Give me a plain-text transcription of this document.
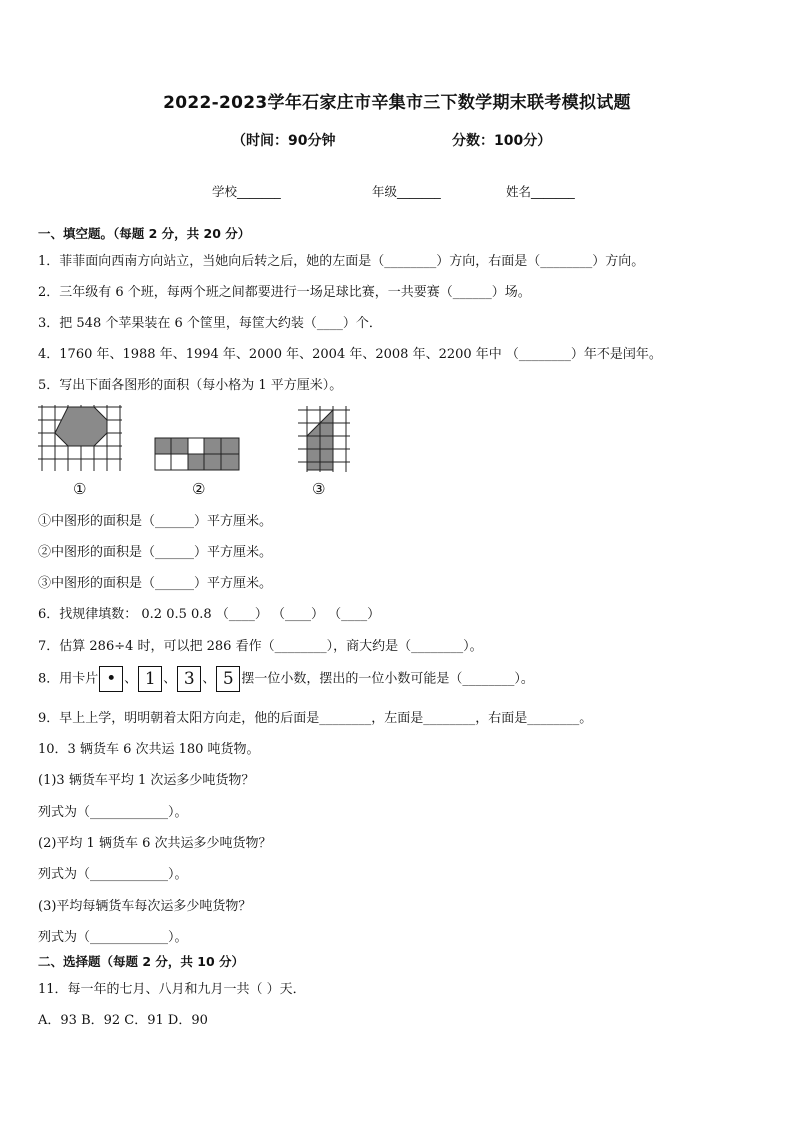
2022-2023学年石家庄市辛集市三下数学期末联考模拟试题
（时间：90分钟	分数：100分）
学校_______	年级_______	姓名_______
一、填空题。（每题 2 分，共 20 分）
1．菲菲面向西南方向站立，当她向后转之后，她的左面是（________）方向，右面是（________）方向。
2．三年级有 6 个班，每两个班之间都要进行一场足球比赛，一共要赛（______）场。
3．把 548 个苹果装在 6 个筐里，每筐大约装（____）个．
4．1760 年、1988 年、1994 年、2000 年、2004 年、2008 年、2200 年中 （________）年不是闰年。
5．写出下面各图形的面积（每小格为 1 平方厘米）。
①	②	③
①中图形的面积是（______）平方厘米。
②中图形的面积是（______）平方厘米。
③中图形的面积是（______）平方厘米。
6．找规律填数： 0.2 0.5 0.8 （____） （____） （____）
7．估算 286÷4 时，可以把 286 看作（________），商大约是（________）。
8．用卡片 • 、 1 、 3 、 5 摆一位小数，摆出的一位小数可能是（________）。
9．早上上学，明明朝着太阳方向走，他的后面是________，左面是________，右面是________。
10．3 辆货车 6 次共运 180 吨货物。
(1)3 辆货车平均 1 次运多少吨货物？
列式为（____________）。
(2)平均 1 辆货车 6 次共运多少吨货物？
列式为（____________）。
(3)平均每辆货车每次运多少吨货物？
列式为（____________）。
二、选择题（每题 2 分，共 10 分）
11．每一年的七月、八月和九月一共（ ）天．
A．93 B．92 C．91 D．90
